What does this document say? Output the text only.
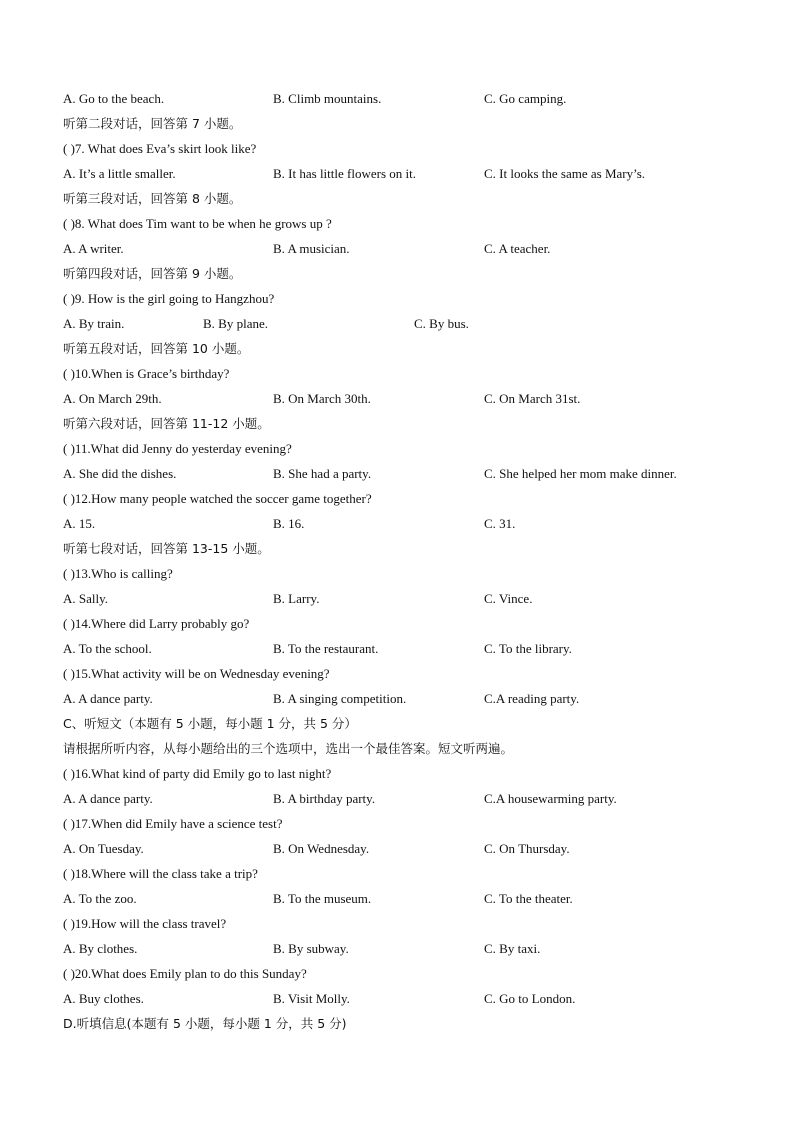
A. Go to the beach.	B. Climb mountains.	C. Go camping.
听第二段对话，回答第 7 小题。
( )7. What does Eva’s skirt look like?
A. It’s a little smaller.	B. It has little flowers on it.	C. It looks the same as Mary’s.
听第三段对话，回答第 8 小题。
( )8. What does Tim want to be when he grows up ?
A. A writer.	B. A musician.	C. A teacher.
听第四段对话，回答第 9 小题。
( )9. How is the girl going to Hangzhou?
A. By train.	B. By plane.	C. By bus.
听第五段对话，回答第 10 小题。
( )10.When is Grace’s birthday?
A. On March 29th.	B. On March 30th.	C. On March 31st.
听第六段对话，回答第 11-12 小题。
( )11.What did Jenny do yesterday evening?
A. She did the dishes.	B. She had a party.	C. She helped her mom make dinner.
( )12.How many people watched the soccer game together?
A. 15.	B. 16.	C. 31.
听第七段对话，回答第 13-15 小题。
( )13.Who is calling?
A. Sally.	B. Larry.	C. Vince.
( )14.Where did Larry probably go?
A. To the school.	B. To the restaurant.	C. To the library.
( )15.What activity will be on Wednesday evening?
A. A dance party.	B. A singing competition.	C.A reading party.
C、听短文（本题有 5 小题，每小题 1 分，共 5 分）
请根据所听内容，从每小题给出的三个选项中，选出一个最佳答案。短文听两遍。
( )16.What kind of party did Emily go to last night?
A. A dance party.	B. A birthday party.	C.A housewarming party.
( )17.When did Emily have a science test?
A. On Tuesday.	B. On Wednesday.	C. On Thursday.
( )18.Where will the class take a trip?
A. To the zoo.	B. To the museum.	C. To the theater.
( )19.How will the class travel?
A. By clothes.	B. By subway.	C. By taxi.
( )20.What does Emily plan to do this Sunday?
A. Buy clothes.	B. Visit Molly.	C. Go to London.
D.听填信息(本题有 5 小题，每小题 1 分，共 5 分)
